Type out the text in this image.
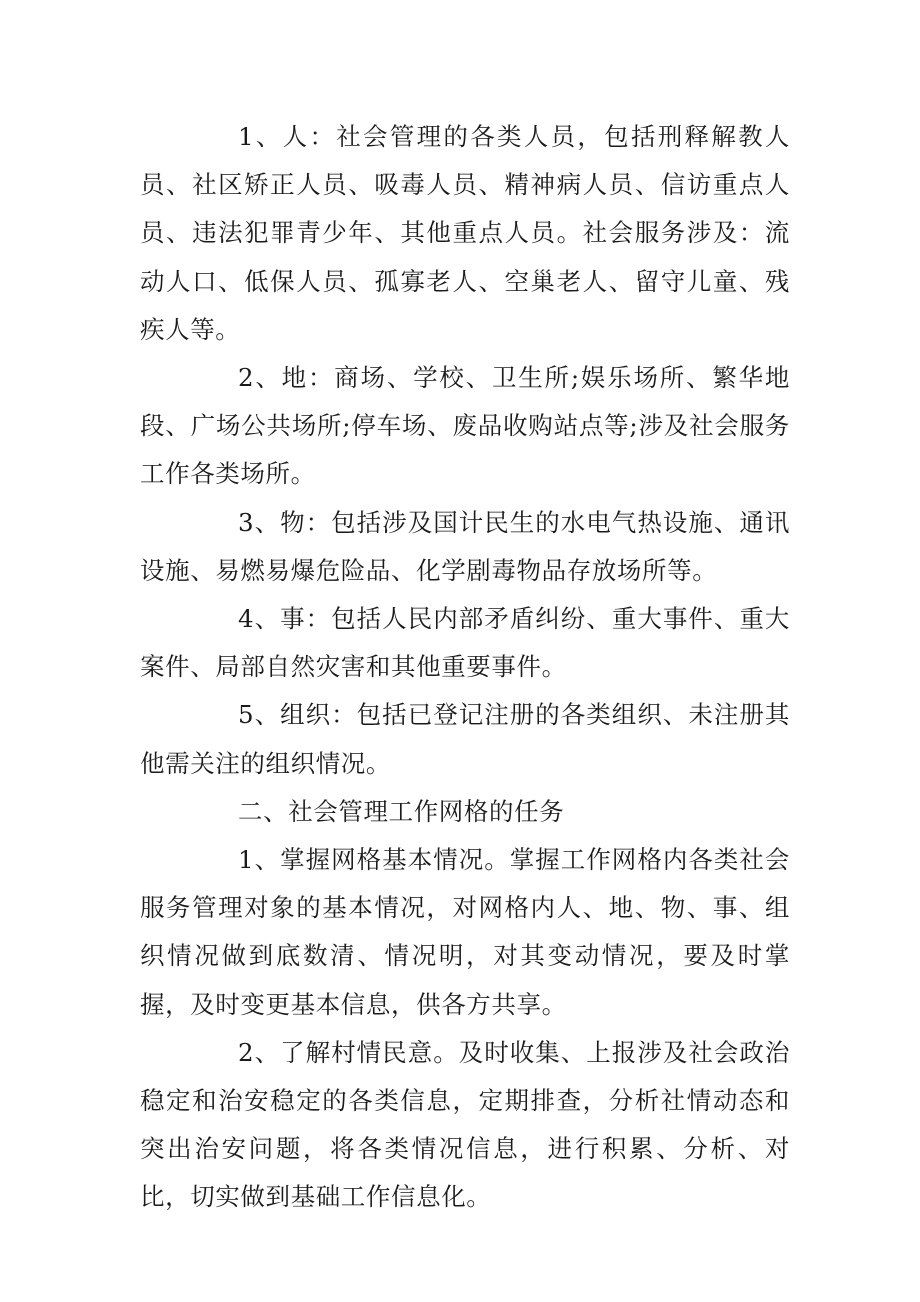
1、人：社会管理的各类人员，包括刑释解教人员、社区矫正人员、吸毒人员、精神病人员、信访重点人员、违法犯罪青少年、其他重点人员。社会服务涉及：流动人口、低保人员、孤寡老人、空巢老人、留守儿童、残疾人等。

2、地：商场、学校、卫生所;娱乐场所、繁华地段、广场公共场所;停车场、废品收购站点等;涉及社会服务工作各类场所。

3、物：包括涉及国计民生的水电气热设施、通讯设施、易燃易爆危险品、化学剧毒物品存放场所等。

4、事：包括人民内部矛盾纠纷、重大事件、重大案件、局部自然灾害和其他重要事件。

5、组织：包括已登记注册的各类组织、未注册其他需关注的组织情况。

二、社会管理工作网格的任务

1、掌握网格基本情况。掌握工作网格内各类社会服务管理对象的基本情况，对网格内人、地、物、事、组织情况做到底数清、情况明，对其变动情况，要及时掌握，及时变更基本信息，供各方共享。

2、了解村情民意。及时收集、上报涉及社会政治稳定和治安稳定的各类信息，定期排查，分析社情动态和突出治安问题，将各类情况信息，进行积累、分析、对比，切实做到基础工作信息化。
